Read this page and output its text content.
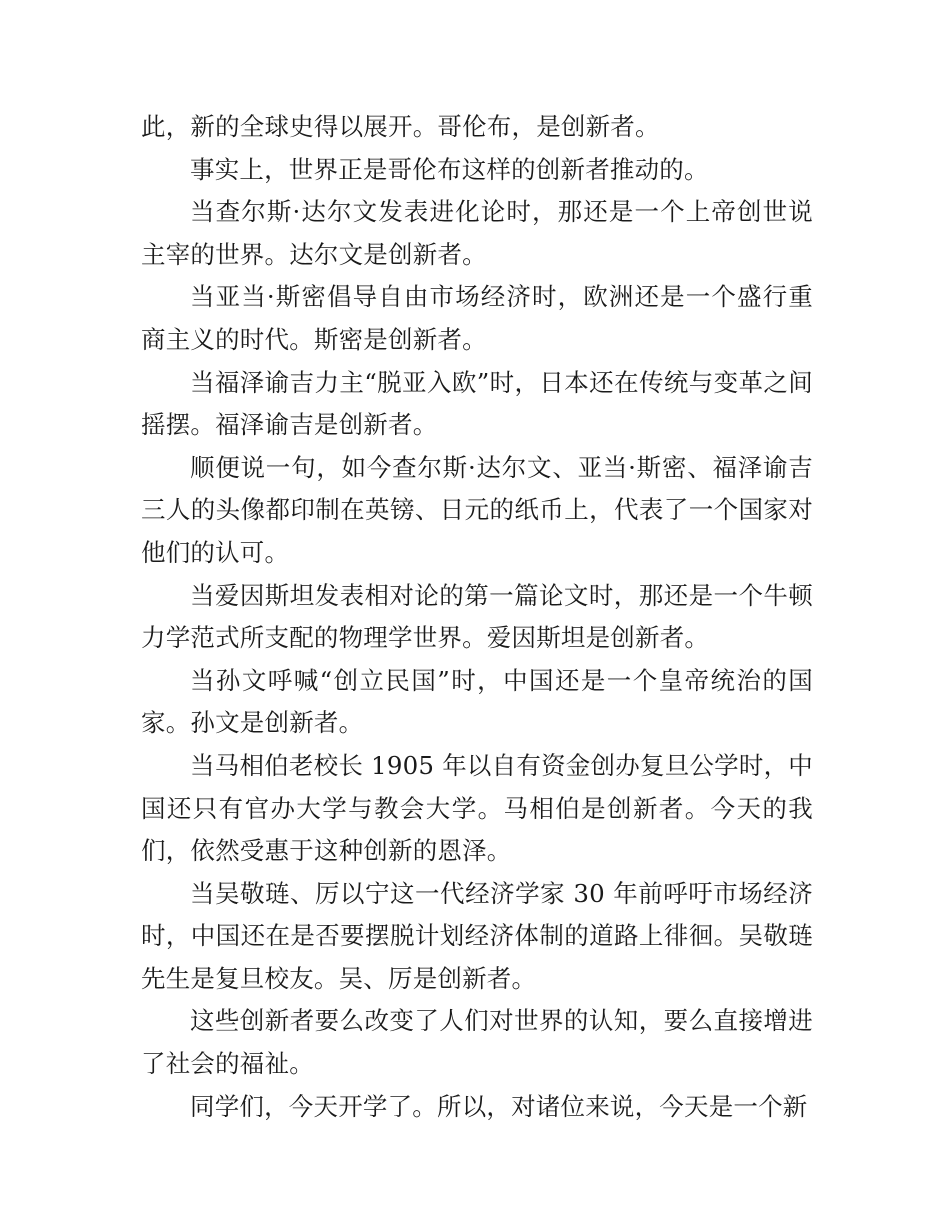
此，新的全球史得以展开。哥伦布，是创新者。

事实上，世界正是哥伦布这样的创新者推动的。

当查尔斯·达尔文发表进化论时，那还是一个上帝创世说主宰的世界。达尔文是创新者。

当亚当·斯密倡导自由市场经济时，欧洲还是一个盛行重商主义的时代。斯密是创新者。

当福泽谕吉力主“脱亚入欧”时，日本还在传统与变革之间摇摆。福泽谕吉是创新者。

顺便说一句，如今查尔斯·达尔文、亚当·斯密、福泽谕吉三人的头像都印制在英镑、日元的纸币上，代表了一个国家对他们的认可。

当爱因斯坦发表相对论的第一篇论文时，那还是一个牛顿力学范式所支配的物理学世界。爱因斯坦是创新者。

当孙文呼喊“创立民国”时，中国还是一个皇帝统治的国家。孙文是创新者。

当马相伯老校长 1905 年以自有资金创办复旦公学时，中国还只有官办大学与教会大学。马相伯是创新者。今天的我们，依然受惠于这种创新的恩泽。

当吴敬琏、厉以宁这一代经济学家 30 年前呼吁市场经济时，中国还在是否要摆脱计划经济体制的道路上徘徊。吴敬琏先生是复旦校友。吴、厉是创新者。

这些创新者要么改变了人们对世界的认知，要么直接增进了社会的福祉。

同学们，今天开学了。所以，对诸位来说，今天是一个新
